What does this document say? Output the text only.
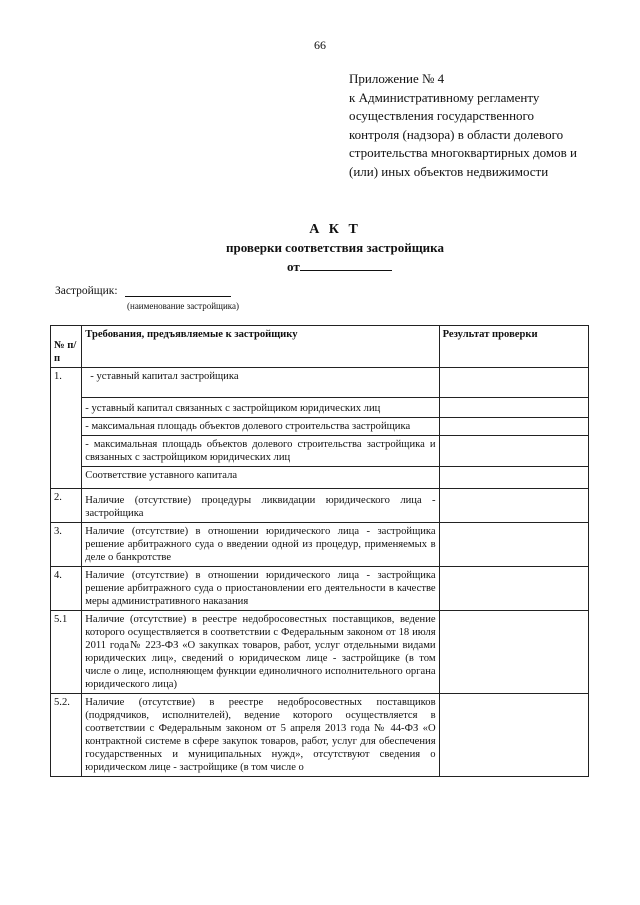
66
Приложение № 4
к Административному регламенту
осуществления государственного
контроля (надзора) в области долевого
строительства многоквартирных домов и
(или) иных объектов недвижимости
А К Т
проверки соответствия застройщика
от
Застройщик:
(наименование застройщика)
№ п/п	Требования, предъявляемые к застройщику	Результат проверки
1.	- уставный капитал застройщика	
	- уставный капитал связанных с застройщиком юридических лиц	
	- максимальная площадь объектов долевого строительства застройщика	
	- максимальная площадь объектов долевого строительства застройщика и связанных с застройщиком юридических лиц	
	Соответствие уставного капитала	
2.	Наличие (отсутствие) процедуры ликвидации юридического лица - застройщика	
3.	Наличие (отсутствие) в отношении юридического лица - застройщика решение арбитражного суда о введении одной из процедур, применяемых в деле о банкротстве	
4.	Наличие (отсутствие) в отношении юридического лица - застройщика решение арбитражного суда о приостановлении его деятельности в качестве меры административного наказания	
5.1	Наличие (отсутствие) в реестре недобросовестных поставщиков, ведение которого осуществляется в соответствии с Федеральным законом от 18 июля 2011 года№ 223-ФЗ «О закупках товаров, работ, услуг отдельными видами юридических лиц», сведений о юридическом лице - застройщике (в том числе о лице, исполняющем функции единоличного исполнительного органа юридического лица)	
5.2.	Наличие (отсутствие) в реестре недобросовестных поставщиков (подрядчиков, исполнителей), ведение которого осуществляется в соответствии с Федеральным законом от 5 апреля 2013 года № 44-ФЗ «О контрактной системе в сфере закупок товаров, работ, услуг для обеспечения государственных и муниципальных нужд», отсутствуют сведения о юридическом лице - застройщике (в том числе о	
